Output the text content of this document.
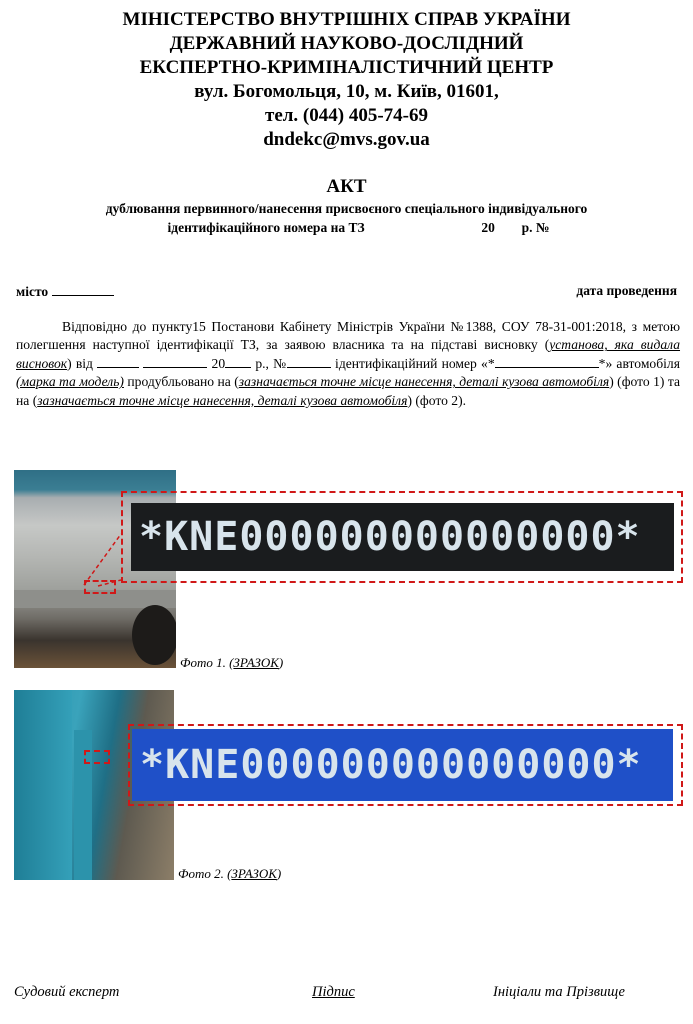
МІНІСТЕРСТВО ВНУТРІШНІХ СПРАВ УКРАЇНИ
ДЕРЖАВНИЙ НАУКОВО-ДОСЛІДНИЙ
ЕКСПЕРТНО-КРИМІНАЛІСТИЧНИЙ ЦЕНТР
вул. Богомольця, 10, м. Київ, 01601,
тел. (044) 405-74-69
dndekc@mvs.gov.ua
АКТ
дублювання первинного/нанесення присвоєного спеціального індивідуального
ідентифікаційного номера на ТЗ	20 р. №
місто	дата проведення
Відповідно до пункту15 Постанови Кабінету Міністрів України №1388, СОУ 78-31-001:2018, з метою полегшення наступної ідентифікації ТЗ, за заявою власника та на підставі висновку (установа, яка видала висновок) від	20 р., №	ідентифікаційний номер «*	*» автомобіля (марка та модель) продубльовано на (зазначається точне місце нанесення, деталі кузова автомобіля) (фото 1) та на (зазначається точне місце нанесення, деталі кузова автомобіля) (фото 2).
*KNE000000000000000*
Фото 1. (ЗРАЗОК)
*KNE000000000000000*
Фото 2. (ЗРАЗОК)
Судовий експерт	Підпис	Ініціали та Прізвище
